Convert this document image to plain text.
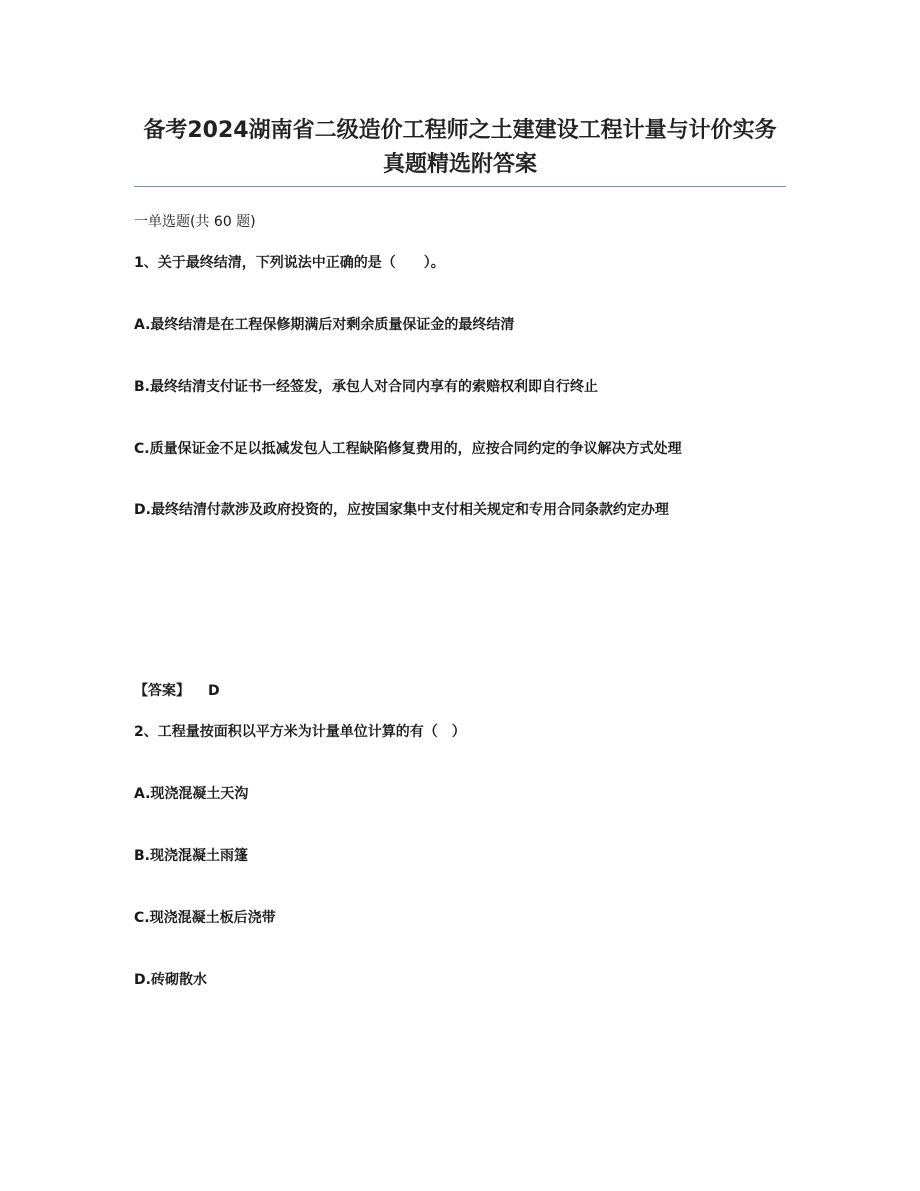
备考2024湖南省二级造价工程师之土建建设工程计量与计价实务真题精选附答案

一单选题(共 60 题)

1、关于最终结清，下列说法中正确的是（　　）。

A.最终结清是在工程保修期满后对剩余质量保证金的最终结清

B.最终结清支付证书一经签发，承包人对合同内享有的索赔权利即自行终止

C.质量保证金不足以抵减发包人工程缺陷修复费用的，应按合同约定的争议解决方式处理

D.最终结清付款涉及政府投资的，应按国家集中支付相关规定和专用合同条款约定办理

【答案】 D

2、工程量按面积以平方米为计量单位计算的有（　）

A.现浇混凝土天沟

B.现浇混凝土雨篷

C.现浇混凝土板后浇带

D.砖砌散水
